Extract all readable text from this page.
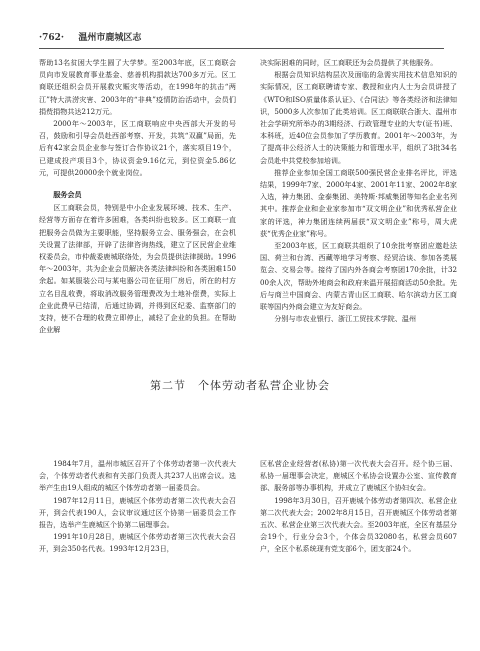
·762· 温州市鹿城区志

帮助13名贫困大学生圆了大学梦。至2003年底，区工商联会员向市发展教育事业基金、慈善机构捐款达700多万元。区工商联还组织会员开展救灾赈灾等活动，在1998年的抗击“两江”特大洪涝灾害、2003年的“非典”疫情防治活动中，会员们捐赀捐物共达212万元。

2000年～2003年，区工商联响应中央西部大开发的号召，鼓励和引导会员赴西部考察、开发，共筑“双赢”局面，先后有42家会员企业参与签订合作协议21个，落实项目19个，已建成投产项目3个，协议资金9.16亿元，到位资金5.86亿元，可提供20000余个就业岗位。

服务会员

区工商联会员，特别是中小企业发展环境、技术、生产、经营等方面存在着许多困难，各类纠纷也较多。区工商联一直把服务会员做为主要职能，坚持服务立会、服务强会，在会机关设置了法律部，开辟了法律咨询热线，建立了区民营企业维权委员会，市仲裁委鹿城联络处，为会员提供法律援助。1996年～2003年，共为企业会员解决各类法律纠纷和各类困难150余起。如某服装公司与某电器公司在征用厂房后，所在的村方立名目乱收费，将取消改服务管理费改为土地补偿费，实际上企业此费早已结清，后通过协调，并得到区纪委、监察部门的支持，使不合理的收费立即停止，减轻了企业的负担。在帮助企业解

决实际困难的同时，区工商联还为会员提供了其他服务。

根据会员知识结构层次及面临的急需实用技术信息知识的实际情况，区工商联聘请专家、教授和业内人士为会员讲授了《WTO和ISO质量体系认证》、《合同法》等各类经济和法律知识，5000多人次参加了此类培训。区工商联联合浙大、温州市社会学研究所举办的3期经济、行政管理专业的大专(证书)班、本科班，近40位会员参加了学历教育。2001年～2003年，为了提高非公经济人士的决策能力和管理水平，组织了3批34名会员赴中共党校参加培训。

推荐企业参加全国工商联500强民营企业排名评比，评选结果，1999年7家、2000年4家、2001年11家、2002年8家入选，神力集团、金泰集团、美特斯·邦威集团等知名企业名列其中。推荐企业和企业家参加市“双文明企业”和优秀私营企业家的评选，神力集团连续两届获“双文明企业”称号，周大虎获“优秀企业家”称号。

至2003年底，区工商联共组织了10余批考察团应邀赴法国、荷兰和台湾、西藏等地学习考察、经贸洽谈、参加各类展览会、交易会等。接待了国内外各商会考察团170余批，计3200余人次，帮助外地商会和政府来温开展招商活动50余批。先后与商兰中国商会、内蒙古青山区工商联、哈尔滨动力区工商联等国内外商会建立为友好商会。

分别与市农业银行、浙江工贸技术学院、温州

第二节　个体劳动者私营企业协会

1984年7月，温州市城区召开了个体劳动者第一次代表大会，个体劳动者代表和有关部门负责人共237人出席会议。选举产生由19人组成的城区个体劳动者第一届委员会。

1987年12月11日，鹿城区个体劳动者第二次代表大会召开，到会代表190人，会议审议通过区个协第一届委员会工作报告，选举产生鹿城区个协第二届理事会。

1991年10月28日，鹿城区个体劳动者第三次代表大会召开，到会350名代表。1993年12月23日，

区私营企业经营者(私协)第一次代表大会召开。经个协三届、私协一届理事会决定，鹿城区个私协会设置办公室、宣传教育部、服务部等办事机构，并成立了鹿城区个协妇女会。

1998年3月30日，召开鹿城个体劳动者第四次、私营企业第二次代表大会；2002年8月15日，召开鹿城区个体劳动者第五次、私营企业第三次代表大会。至2003年底，全区有基层分会19个，行业分会3个，个体会员32080名，私营会员607户，全区个私系统现有党支部6个，团支部24个。
